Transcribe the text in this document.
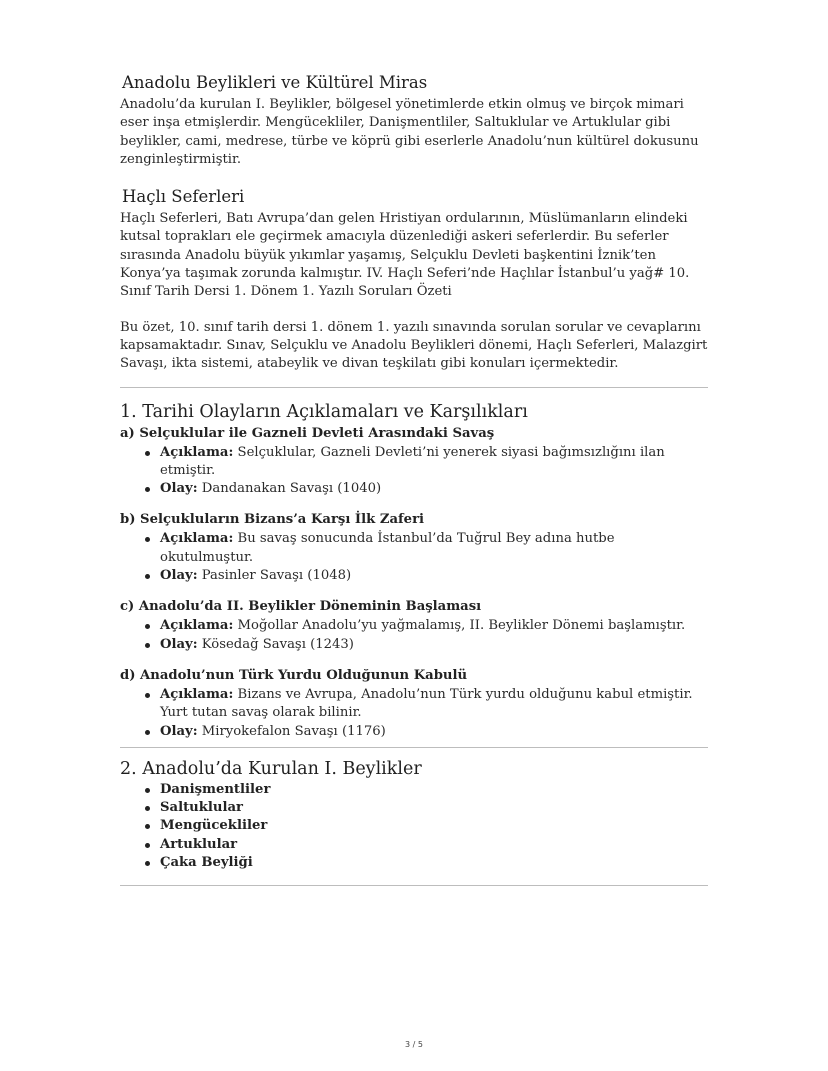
Anadolu Beylikleri ve Kültürel Miras

Anadolu’da kurulan I. Beylikler, bölgesel yönetimlerde etkin olmuş ve birçok mimari eser inşa etmişlerdir. Mengücekliler, Danişmentliler, Saltuklular ve Artuklular gibi beylikler, cami, medrese, türbe ve köprü gibi eserlerle Anadolu’nun kültürel dokusunu zenginleştirmiştir.

Haçlı Seferleri

Haçlı Seferleri, Batı Avrupa’dan gelen Hristiyan ordularının, Müslümanların elindeki kutsal toprakları ele geçirmek amacıyla düzenlediği askeri seferlerdir. Bu seferler sırasında Anadolu büyük yıkımlar yaşamış, Selçuklu Devleti başkentini İznik’ten Konya’ya taşımak zorunda kalmıştır. IV. Haçlı Seferi’nde Haçlılar İstanbul’u yağ# 10. Sınıf Tarih Dersi 1. Dönem 1. Yazılı Soruları Özeti

Bu özet, 10. sınıf tarih dersi 1. dönem 1. yazılı sınavında sorulan sorular ve cevaplarını kapsamaktadır. Sınav, Selçuklu ve Anadolu Beylikleri dönemi, Haçlı Seferleri, Malazgirt Savaşı, ikta sistemi, atabeylik ve divan teşkilatı gibi konuları içermektedir.

1. Tarihi Olayların Açıklamaları ve Karşılıkları
a) Selçuklular ile Gazneli Devleti Arasındaki Savaş
Açıklama: Selçuklular, Gazneli Devleti’ni yenerek siyasi bağımsızlığını ilan etmiştir.
Olay: Dandanakan Savaşı (1040)
b) Selçukluların Bizans’a Karşı İlk Zaferi
Açıklama: Bu savaş sonucunda İstanbul’da Tuğrul Bey adına hutbe okutulmuştur.
Olay: Pasinler Savaşı (1048)
c) Anadolu’da II. Beylikler Döneminin Başlaması
Açıklama: Moğollar Anadolu’yu yağmalamış, II. Beylikler Dönemi başlamıştır.
Olay: Kösedağ Savaşı (1243)
d) Anadolu’nun Türk Yurdu Olduğunun Kabulü
Açıklama: Bizans ve Avrupa, Anadolu’nun Türk yurdu olduğunu kabul etmiştir. Yurt tutan savaş olarak bilinir.
Olay: Miryokefalon Savaşı (1176)
2. Anadolu’da Kurulan I. Beylikler
Danişmentliler
Saltuklular
Mengücekliler
Artuklular
Çaka Beyliği
3 / 5
